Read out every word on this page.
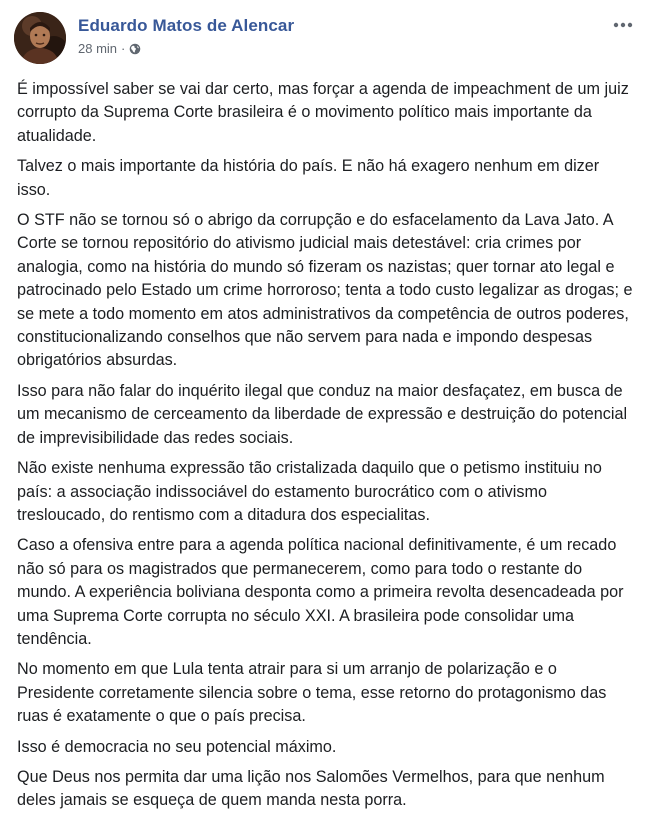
Eduardo Matos de Alencar
28 min ·

É impossível saber se vai dar certo, mas forçar a agenda de impeachment de um juiz corrupto da Suprema Corte brasileira é o movimento político mais importante da atualidade.

Talvez o mais importante da história do país. E não há exagero nenhum em dizer isso.

O STF não se tornou só o abrigo da corrupção e do esfacelamento da Lava Jato. A Corte se tornou repositório do ativismo judicial mais detestável: cria crimes por analogia, como na história do mundo só fizeram os nazistas; quer tornar ato legal e patrocinado pelo Estado um crime horroroso; tenta a todo custo legalizar as drogas; e se mete a todo momento em atos administrativos da competência de outros poderes, constitucionalizando conselhos que não servem para nada e impondo despesas obrigatórios absurdas.

Isso para não falar do inquérito ilegal que conduz na maior desfaçatez, em busca de um mecanismo de cerceamento da liberdade de expressão e destruição do potencial de imprevisibilidade das redes sociais.

Não existe nenhuma expressão tão cristalizada daquilo que o petismo instituiu no país: a associação indissociável do estamento burocrático com o ativismo tresloucado, do rentismo com a ditadura dos especialitas.

Caso a ofensiva entre para a agenda política nacional definitivamente, é um recado não só para os magistrados que permanecerem, como para todo o restante do mundo. A experiência boliviana desponta como a primeira revolta desencadeada por uma Suprema Corte corrupta no século XXI. A brasileira pode consolidar uma tendência.

No momento em que Lula tenta atrair para si um arranjo de polarização e o Presidente corretamente silencia sobre o tema, esse retorno do protagonismo das ruas é exatamente o que o país precisa.

Isso é democracia no seu potencial máximo.

Que Deus nos permita dar uma lição nos Salomões Vermelhos, para que nenhum deles jamais se esqueça de quem manda nesta porra.
